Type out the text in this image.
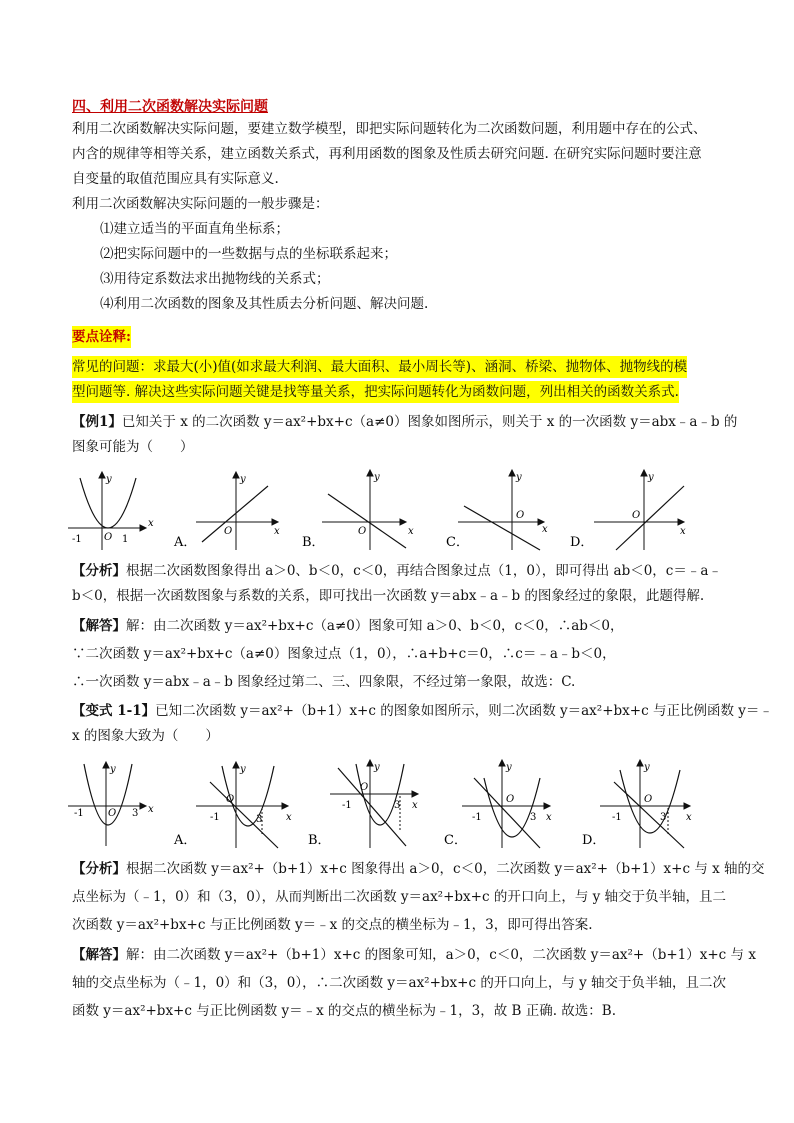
四、利用二次函数解决实际问题
利用二次函数解决实际问题，要建立数学模型，即把实际问题转化为二次函数问题，利用题中存在的公式、
内含的规律等相等关系，建立函数关系式，再利用函数的图象及性质去研究问题. 在研究实际问题时要注意
自变量的取值范围应具有实际意义.
利用二次函数解决实际问题的一般步骤是：
⑴建立适当的平面直角坐标系；
⑵把实际问题中的一些数据与点的坐标联系起来；
⑶用待定系数法求出抛物线的关系式；
⑷利用二次函数的图象及其性质去分析问题、解决问题.
要点诠释:
常见的问题：求最大(小)值(如求最大利润、最大面积、最小周长等)、涵洞、桥梁、抛物体、抛物线的模
型问题等. 解决这些实际问题关键是找等量关系，把实际问题转化为函数问题，列出相关的函数关系式.
【例1】已知关于 x 的二次函数 y＝ax²+bx+c（a≠0）图象如图所示，则关于 x 的一次函数 y＝abx﹣a﹣b 的
图象可能为（　　）
y
x
-1 O 1
y
x
O
A．
y
x
O
B．
y
x
O
C．
y
x
O
D．
【分析】根据二次函数图象得出 a＞0、b＜0，c＜0，再结合图象过点（1，0），即可得出 ab＜0，c＝﹣a﹣
b＜0，根据一次函数图象与系数的关系，即可找出一次函数 y＝abx﹣a﹣b 的图象经过的象限，此题得解.
【解答】解：由二次函数 y＝ax²+bx+c（a≠0）图象可知 a＞0、b＜0，c＜0，∴ab＜0，
∵二次函数 y＝ax²+bx+c（a≠0）图象过点（1，0），∴a+b+c＝0，∴c＝﹣a﹣b＜0，
∴一次函数 y＝abx﹣a﹣b 图象经过第二、三、四象限，不经过第一象限，故选：C.
【变式 1-1】已知二次函数 y＝ax²+（b+1）x+c 的图象如图所示，则二次函数 y＝ax²+bx+c 与正比例函数 y＝﹣
x 的图象大致为（　　）
y
x
-1 O 3
y
x
-1
O
3
A．
y
x
-1
O
3
B．
y
x
-1
O
3
C．
y
x
-1
O
3
D．
【分析】根据二次函数 y＝ax²+（b+1）x+c 图象得出 a＞0，c＜0，二次函数 y＝ax²+（b+1）x+c 与 x 轴的交
点坐标为（﹣1，0）和（3，0），从而判断出二次函数 y＝ax²+bx+c 的开口向上，与 y 轴交于负半轴，且二
次函数 y＝ax²+bx+c 与正比例函数 y＝﹣x 的交点的横坐标为﹣1，3，即可得出答案.
【解答】解：由二次函数 y＝ax²+（b+1）x+c 的图象可知，a＞0，c＜0，二次函数 y＝ax²+（b+1）x+c 与 x
轴的交点坐标为（﹣1，0）和（3，0），∴二次函数 y＝ax²+bx+c 的开口向上，与 y 轴交于负半轴，且二次
函数 y＝ax²+bx+c 与正比例函数 y＝﹣x 的交点的横坐标为﹣1，3，故 B 正确. 故选：B.
